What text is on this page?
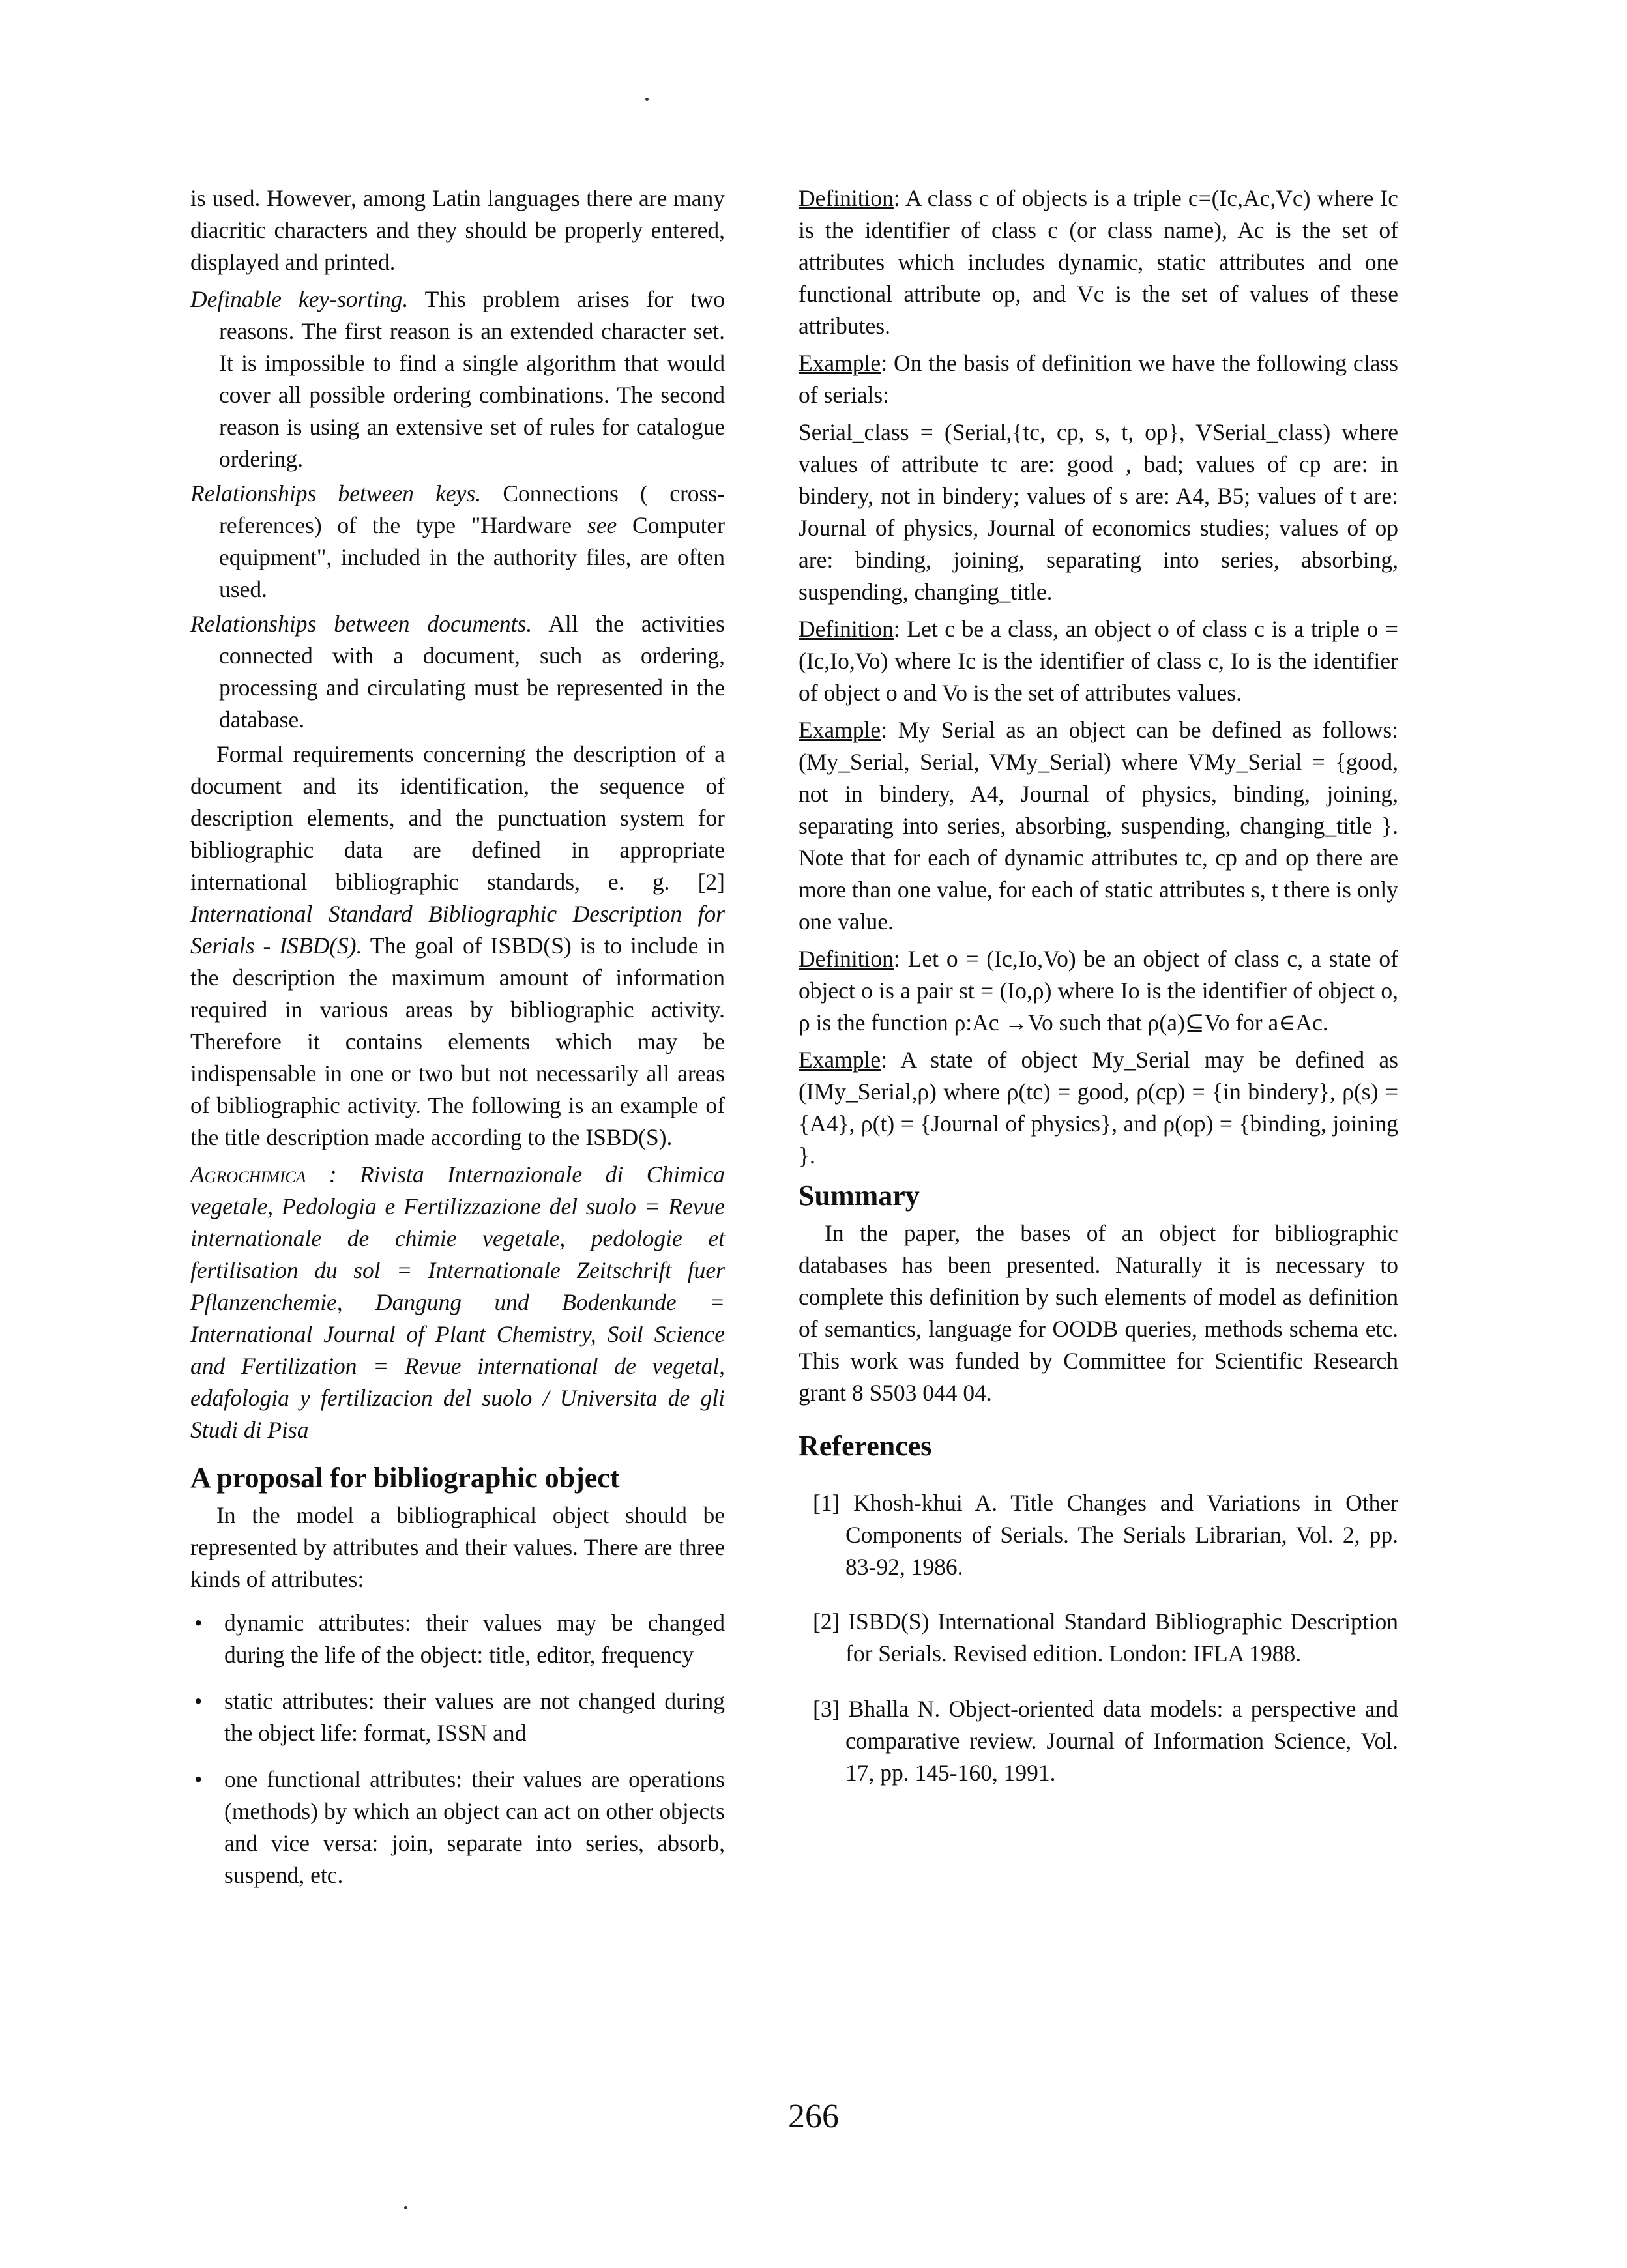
is used. However, among Latin languages there are many diacritic characters and they should be properly entered, displayed and printed.

Definable key-sorting. This problem arises for two reasons. The first reason is an extended character set. It is impossible to find a single algorithm that would cover all possible ordering combinations. The second reason is using an extensive set of rules for catalogue ordering.

Relationships between keys. Connections ( cross-references) of the type "Hardware see Computer equipment", included in the authority files, are often used.

Relationships between documents. All the activities connected with a document, such as ordering, processing and circulating must be represented in the database.

Formal requirements concerning the description of a document and its identification, the sequence of description elements, and the punctuation system for bibliographic data are defined in appropriate international bibliographic standards, e. g. [2] International Standard Bibliographic Description for Serials - ISBD(S). The goal of ISBD(S) is to include in the description the maximum amount of information required in various areas by bibliographic activity. Therefore it contains elements which may be indispensable in one or two but not necessarily all areas of bibliographic activity. The following is an example of the title description made according to the ISBD(S).

Agrochimica : Rivista Internazionale di Chimica vegetale, Pedologia e Fertilizzazione del suolo = Revue internationale de chimie vegetale, pedologie et fertilisation du sol = Internationale Zeitschrift fuer Pflanzenchemie, Dangung und Bodenkunde = International Journal of Plant Chemistry, Soil Science and Fertilization = Revue international de vegetal, edafologia y fertilizacion del suolo / Universita de gli Studi di Pisa

A proposal for bibliographic object

In the model a bibliographical object should be represented by attributes and their values. There are three kinds of attributes:

• dynamic attributes: their values may be changed during the life of the object: title, editor, frequency
• static attributes: their values are not changed during the object life: format, ISSN and
• one functional attributes: their values are operations (methods) by which an object can act on other objects and vice versa: join, separate into series, absorb, suspend, etc.

Definition: A class c of objects is a triple c=(Ic,Ac,Vc) where Ic is the identifier of class c (or class name), Ac is the set of attributes which includes dynamic, static attributes and one functional attribute op, and Vc is the set of values of these attributes.

Example: On the basis of definition we have the following class of serials:

Serial_class = (Serial,{tc, cp, s, t, op}, VSerial_class) where values of attribute tc are: good , bad; values of cp are: in bindery, not in bindery; values of s are: A4, B5; values of t are: Journal of physics, Journal of economics studies; values of op are: binding, joining, separating into series, absorbing, suspending, changing_title.

Definition: Let c be a class, an object o of class c is a triple o = (Ic,Io,Vo) where Ic is the identifier of class c, Io is the identifier of object o and Vo is the set of attributes values.

Example: My Serial as an object can be defined as follows: (My_Serial, Serial, VMy_Serial) where VMy_Serial = {good, not in bindery, A4, Journal of physics, binding, joining, separating into series, absorbing, suspending, changing_title }. Note that for each of dynamic attributes tc, cp and op there are more than one value, for each of static attributes s, t there is only one value.

Definition: Let o = (Ic,Io,Vo) be an object of class c, a state of object o is a pair st = (Io,ρ) where Io is the identifier of object o, ρ is the function ρ:Ac →Vo such that ρ(a)⊆Vo for a∈Ac.

Example: A state of object My_Serial may be defined as (IMy_Serial,ρ) where ρ(tc) = good, ρ(cp) = {in bindery}, ρ(s) = {A4}, ρ(t) = {Journal of physics}, and ρ(op) = {binding, joining }.

Summary

In the paper, the bases of an object for bibliographic databases has been presented. Naturally it is necessary to complete this definition by such elements of model as definition of semantics, language for OODB queries, methods schema etc. This work was funded by Committee for Scientific Research grant 8 S503 044 04.

References

[1] Khosh-khui A. Title Changes and Variations in Other Components of Serials. The Serials Librarian, Vol. 2, pp. 83-92, 1986.

[2] ISBD(S) International Standard Bibliographic Description for Serials. Revised edition. London: IFLA 1988.

[3] Bhalla N. Object-oriented data models: a perspective and comparative review. Journal of Information Science, Vol. 17, pp. 145-160, 1991.

266
